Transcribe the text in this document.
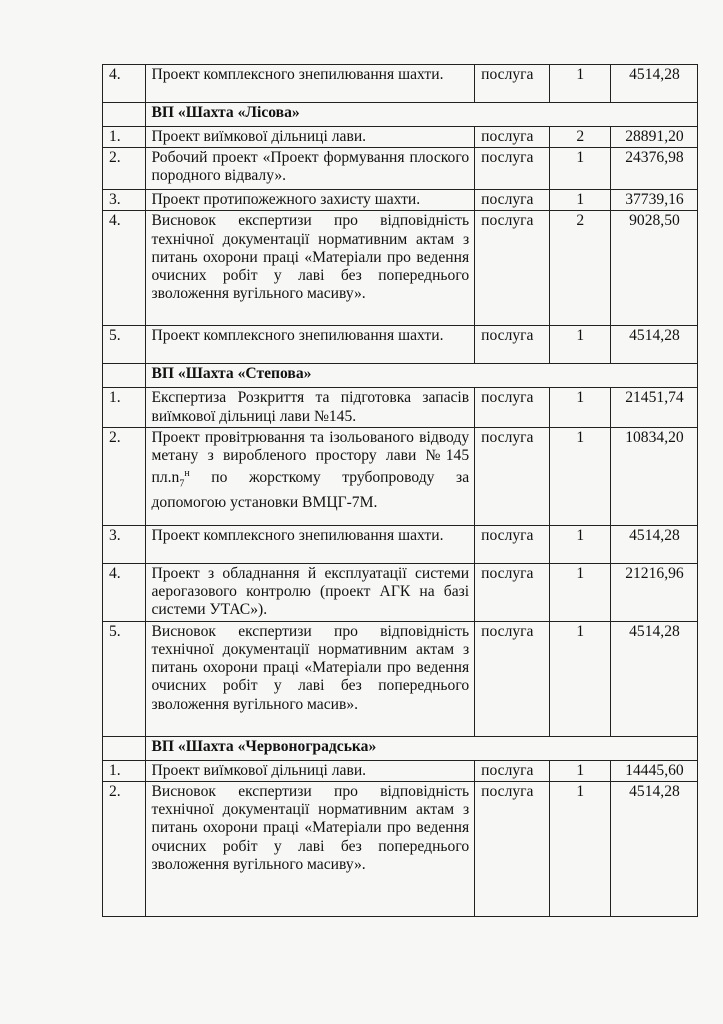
4.	Проект комплексного знепилювання шахти.	послуга	1	4514,28
	ВП «Шахта «Лісова»			
1.	Проект виїмкової дільниці лави.	послуга	2	28891,20
2.	Робочий проект «Проект формування плоского породного відвалу».	послуга	1	24376,98
3.	Проект протипожежного захисту шахти.	послуга	1	37739,16
4.	Висновок експертизи про відповідність технічної документації нормативним актам з питань охорони праці «Матеріали про ведення очисних робіт у лаві без попереднього зволоження вугільного масиву».	послуга	2	9028,50
5.	Проект комплексного знепилювання шахти.	послуга	1	4514,28
	ВП «Шахта «Степова»			
1.	Експертиза Розкриття та підготовка запасів виїмкової дільниці лави №145.	послуга	1	21451,74
2.	Проект провітрювання та ізольованого відводу метану з виробленого простору лави №145 $пл.n_7^н$ по жорсткому трубопроводу за допомогою установки ВМЦГ-7М.	послуга	1	10834,20
3.	Проект комплексного знепилювання шахти.	послуга	1	4514,28
4.	Проект з обладнання й експлуатації системи аерогазового контролю (проект АГК на базі системи УТАС»).	послуга	1	21216,96
5.	Висновок експертизи про відповідність технічної документації нормативним актам з питань охорони праці «Матеріали про ведення очисних робіт у лаві без попереднього зволоження вугільного масив».	послуга	1	4514,28
	ВП «Шахта «Червоноградська»			
1.	Проект виїмкової дільниці лави.	послуга	1	14445,60
2.	Висновок експертизи про відповідність технічної документації нормативним актам з питань охорони праці «Матеріали про ведення очисних робіт у лаві без попереднього зволоження вугільного масиву».	послуга	1	4514,28
